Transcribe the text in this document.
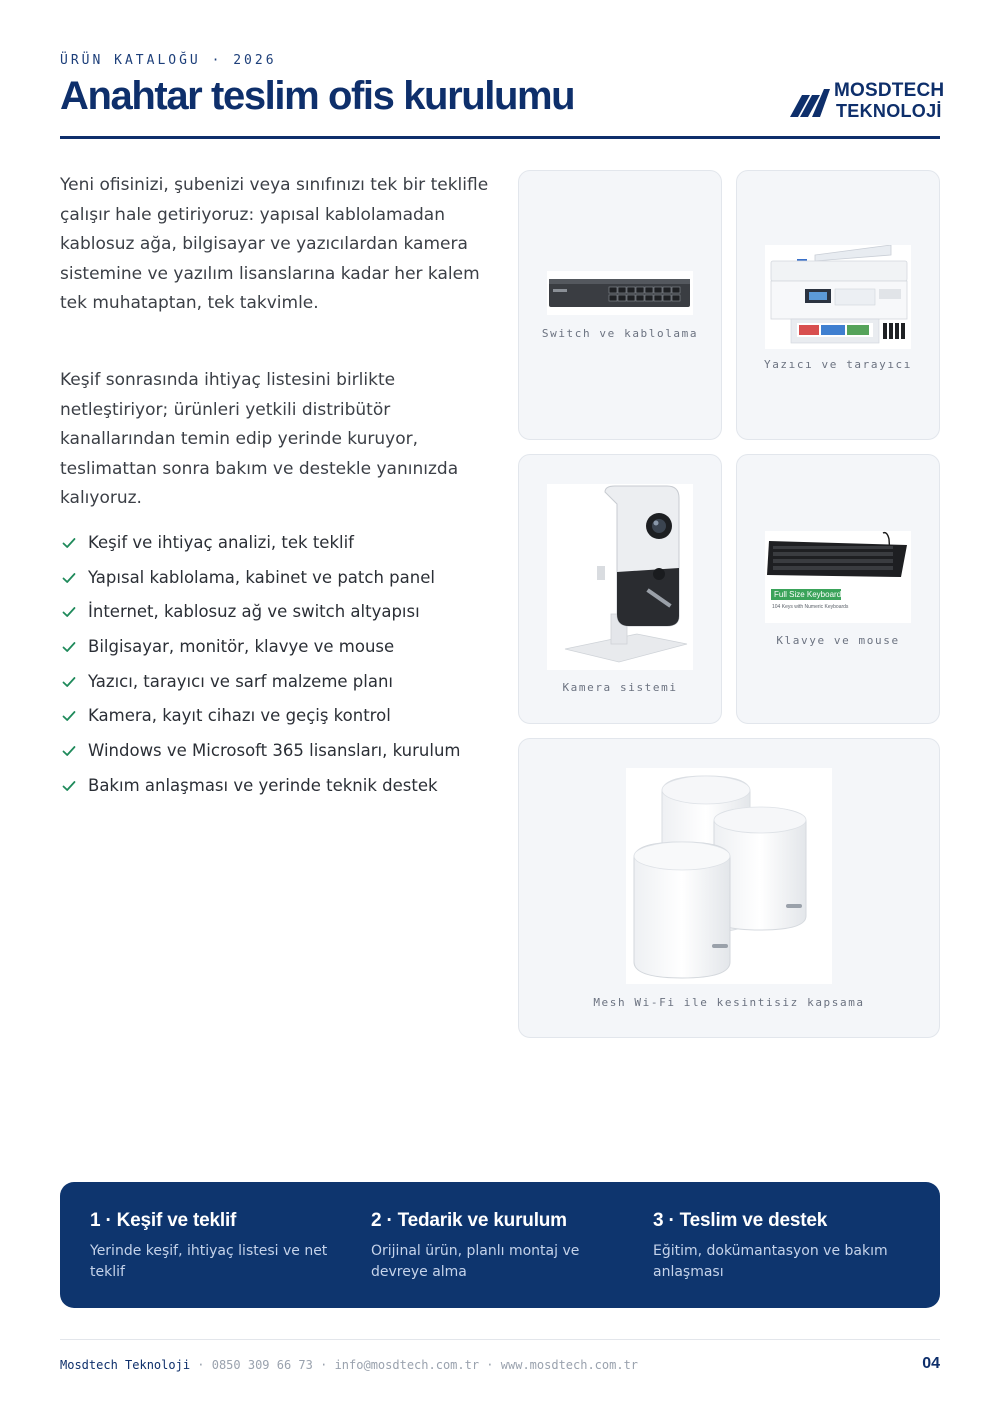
ÜRÜN KATALOĞU · 2026
Anahtar teslim ofis kurulumu	MOSDTECH
TEKNOLOJİ

Yeni ofisinizi, şubenizi veya sınıfınızı tek bir teklifle çalışır hale getiriyoruz: yapısal kablolamadan kablosuz ağa, bilgisayar ve yazıcılardan kamera sistemine ve yazılım lisanslarına kadar her kalem tek muhataptan, tek takvimle.

Keşif sonrasında ihtiyaç listesini birlikte netleştiriyor; ürünleri yetkili distribütör kanallarından temin edip yerinde kuruyor, teslimattan sonra bakım ve destekle yanınızda kalıyoruz.

Keşif ve ihtiyaç analizi, tek teklif
Yapısal kablolama, kabinet ve patch panel
İnternet, kablosuz ağ ve switch altyapısı
Bilgisayar, monitör, klavye ve mouse
Yazıcı, tarayıcı ve sarf malzeme planı
Kamera, kayıt cihazı ve geçiş kontrol
Windows ve Microsoft 365 lisansları, kurulum
Bakım anlaşması ve yerinde teknik destek
Switch ve kablolama
Yazıcı ve tarayıcı
Kamera sistemi
Full Size Keyboard
104 Keys with Numeric Keyboards
Klavye ve mouse
Mesh Wi-Fi ile kesintisiz kapsama
1 · Keşif ve teklif

Yerinde keşif, ihtiyaç listesi ve net teklif

2 · Tedarik ve kurulum

Orijinal ürün, planlı montaj ve devreye alma

3 · Teslim ve destek

Eğitim, dokümantasyon ve bakım anlaşması

Mosdtech Teknoloji · 0850 309 66 73 · info@mosdtech.com.tr · www.mosdtech.com.tr	04
